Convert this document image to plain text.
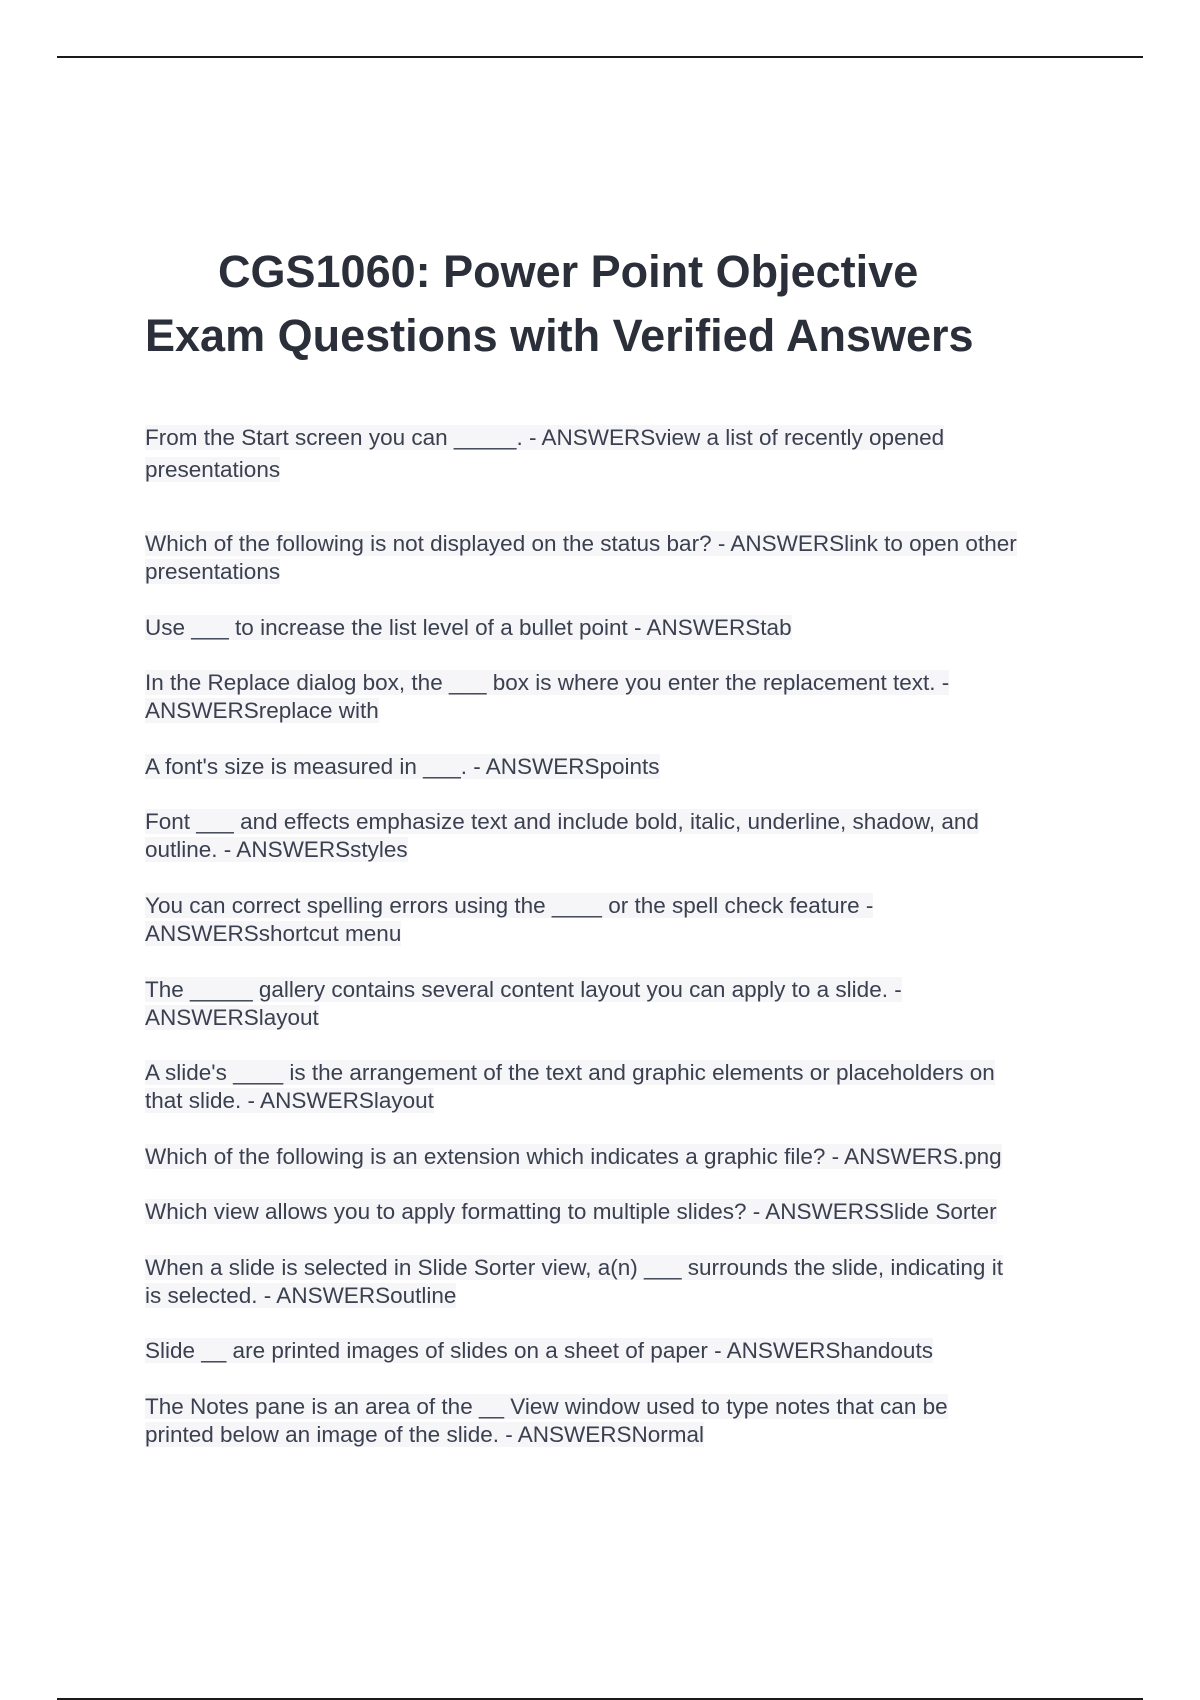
CGS1060: Power Point Objective
Exam Questions with Verified Answers

From the Start screen you can _____. - ANSWERSview a list of recently opened
presentations

Which of the following is not displayed on the status bar? - ANSWERSlink to open other
presentations

Use ___ to increase the list level of a bullet point - ANSWERStab

In the Replace dialog box, the ___ box is where you enter the replacement text. -
ANSWERSreplace with

A font's size is measured in ___. - ANSWERSpoints

Font ___ and effects emphasize text and include bold, italic, underline, shadow, and
outline. - ANSWERSstyles

You can correct spelling errors using the ____ or the spell check feature -
ANSWERSshortcut menu

The _____ gallery contains several content layout you can apply to a slide. -
ANSWERSlayout

A slide's ____ is the arrangement of the text and graphic elements or placeholders on
that slide. - ANSWERSlayout

Which of the following is an extension which indicates a graphic file? - ANSWERS.png

Which view allows you to apply formatting to multiple slides? - ANSWERSSlide Sorter

When a slide is selected in Slide Sorter view, a(n) ___ surrounds the slide, indicating it
is selected. - ANSWERSoutline

Slide __ are printed images of slides on a sheet of paper - ANSWERShandouts

The Notes pane is an area of the __ View window used to type notes that can be
printed below an image of the slide. - ANSWERSNormal
